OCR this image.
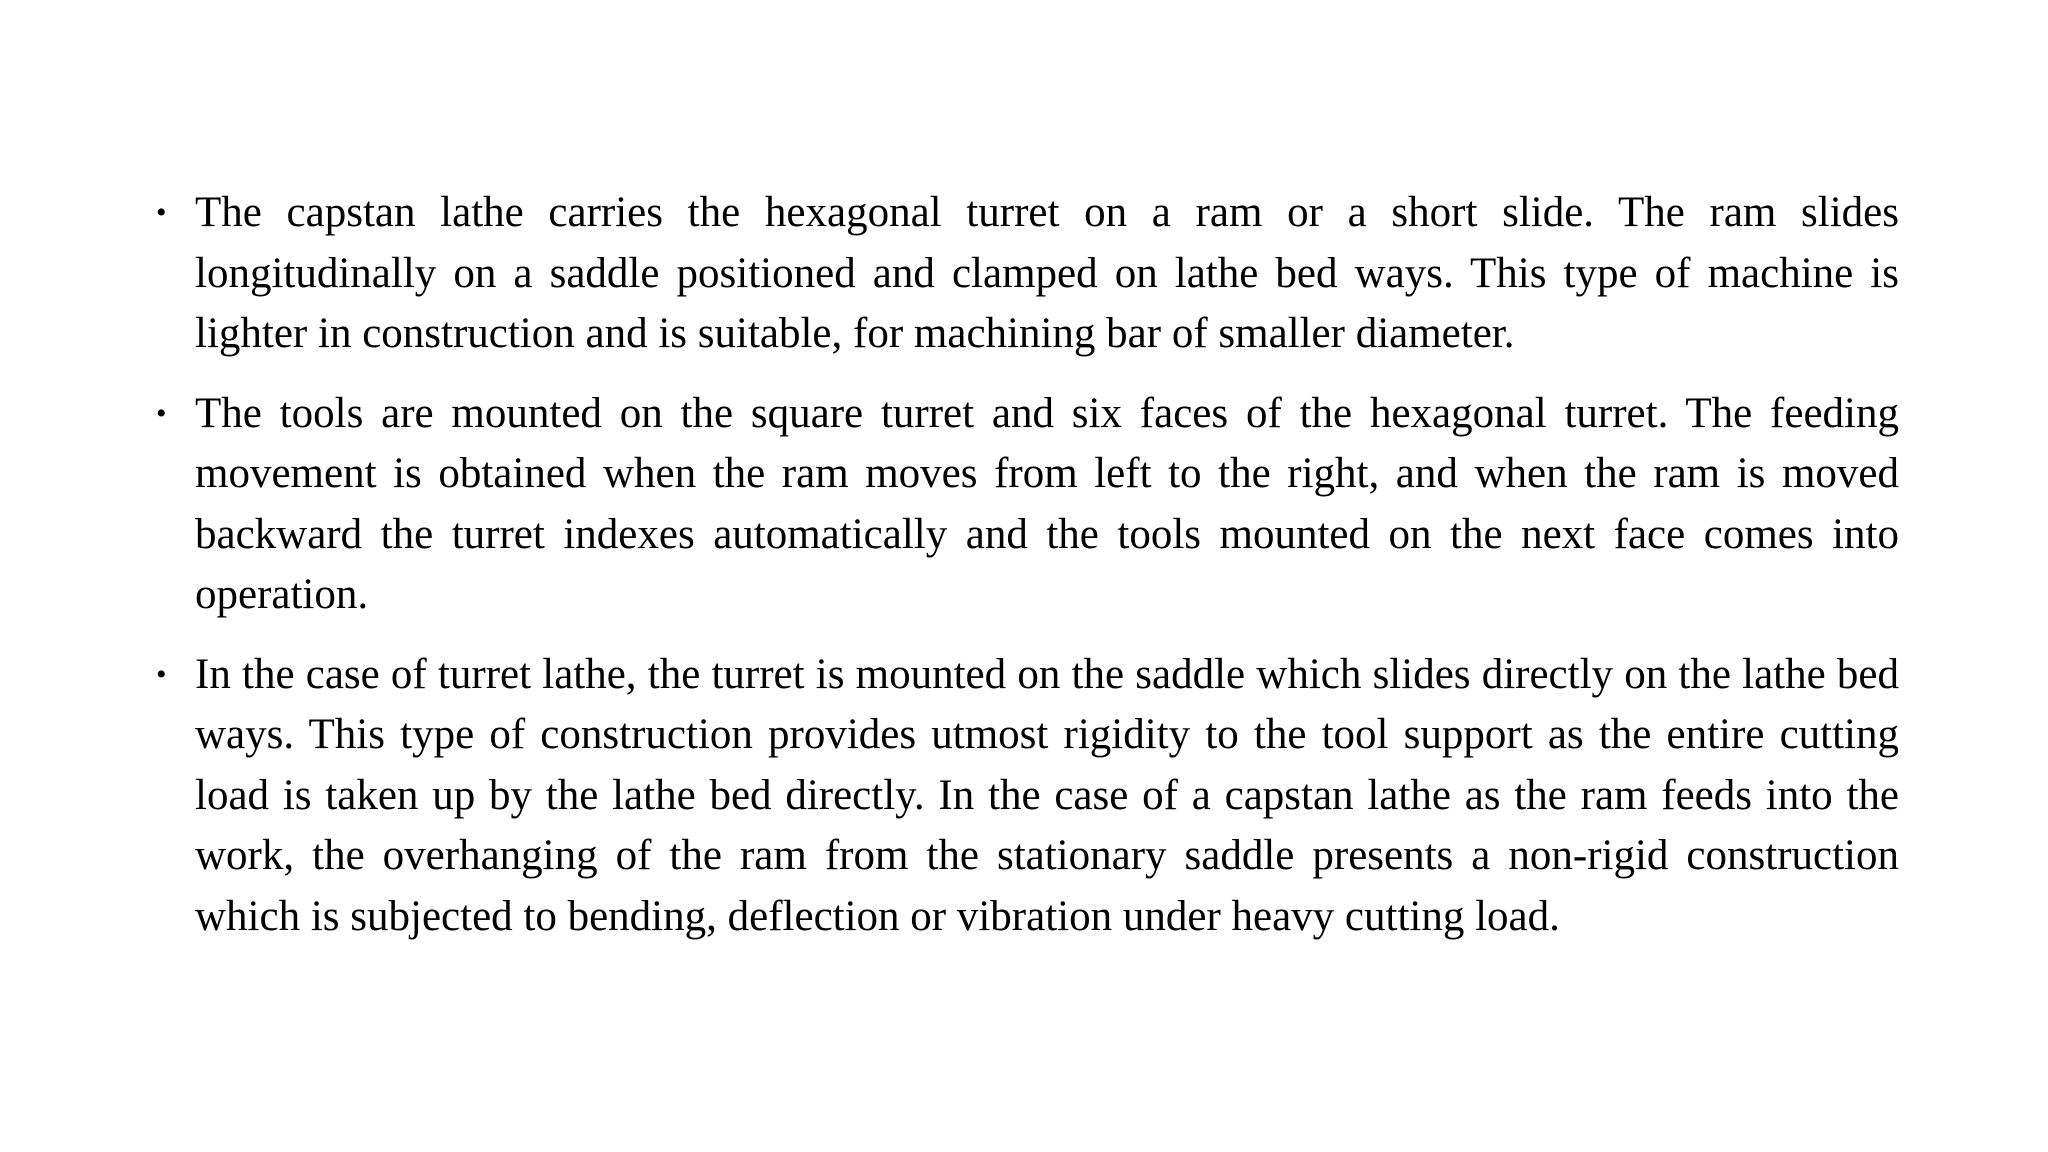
• The capstan lathe carries the hexagonal turret on a ram or a short slide. The ram slides longitudinally on a saddle positioned and clamped on lathe bed ways. This type of machine is lighter in construction and is suitable, for machining bar of smaller diameter.
• The tools are mounted on the square turret and six faces of the hexagonal turret. The feeding movement is obtained when the ram moves from left to the right, and when the ram is moved backward the turret indexes automatically and the tools mounted on the next face comes into operation.
• In the case of turret lathe, the turret is mounted on the saddle which slides directly on the lathe bed ways. This type of construction provides utmost rigidity to the tool support as the entire cutting load is taken up by the lathe bed directly. In the case of a capstan lathe as the ram feeds into the work, the overhanging of the ram from the stationary saddle presents a non-rigid construction which is subjected to bending, deflection or vibration under heavy cutting load.
